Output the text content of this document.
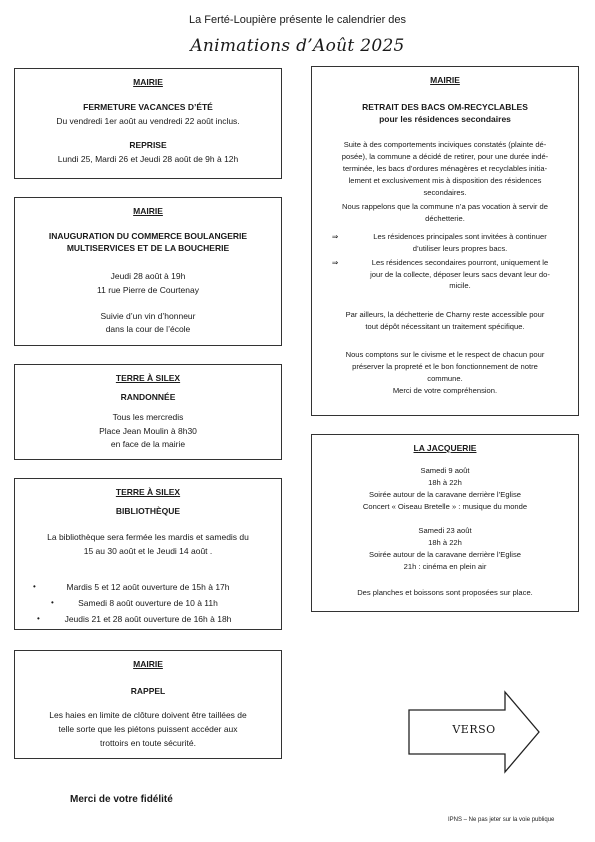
La Ferté-Loupière présente le calendrier des
Animations d’Août 2025
MAIRIE
FERMETURE VACANCES D’ÉTÉ
Du vendredi 1er août au vendredi 22 août inclus.
REPRISE
Lundi 25, Mardi 26 et Jeudi 28 août de 9h à 12h
MAIRIE
INAUGURATION DU COMMERCE BOULANGERIE
MULTISERVICES ET DE LA BOUCHERIE
Jeudi 28 août à 19h
11 rue Pierre de Courtenay
Suivie d’un vin d’honneur
dans la cour de l’école
TERRE À SILEX
RANDONNÉE
Tous les mercredis
Place Jean Moulin à 8h30
en face de la mairie
TERRE À SILEX
BIBLIOTHÈQUE
La bibliothèque sera fermée les mardis et samedis du
15 au 30 août et le Jeudi 14 août .
•	Mardis 5 et 12 août ouverture de 15h à 17h
•	Samedi 8 août ouverture de 10 à 11h
•	Jeudis 21 et 28 août ouverture de 16h à 18h
MAIRIE
RAPPEL
Les haies en limite de clôture doivent être taillées de
telle sorte que les piétons puissent accéder aux
trottoirs en toute sécurité.
MAIRIE
RETRAIT DES BACS OM-RECYCLABLES
pour les résidences secondaires
Suite à des comportements inciviques constatés (plainte dé-
posée), la commune a décidé de retirer, pour une durée indé-
terminée, les bacs d’ordures ménagères et recyclables initia-
lement et exclusivement mis à disposition des résidences
secondaires.
Nous rappelons que la commune n’a pas vocation à servir de
déchetterie.
⇒	Les résidences principales sont invitées à continuer
d’utiliser leurs propres bacs.
⇒	Les résidences secondaires pourront, uniquement le
jour de la collecte, déposer leurs sacs devant leur do-
micile.
Par ailleurs, la déchetterie de Charny reste accessible pour
tout dépôt nécessitant un traitement spécifique.
Nous comptons sur le civisme et le respect de chacun pour
préserver la propreté et le bon fonctionnement de notre
commune.
Merci de votre compréhension.
LA JACQUERIE
Samedi 9 août
18h à 22h
Soirée autour de la caravane derrière l’Eglise
Concert « Oiseau Bretelle » : musique du monde
Samedi 23 août
18h à 22h
Soirée autour de la caravane derrière l’Eglise
21h : cinéma en plein air
Des planches et boissons sont proposées sur place.
VERSO
Merci de votre fidélité
IPNS – Ne pas jeter sur la voie publique
